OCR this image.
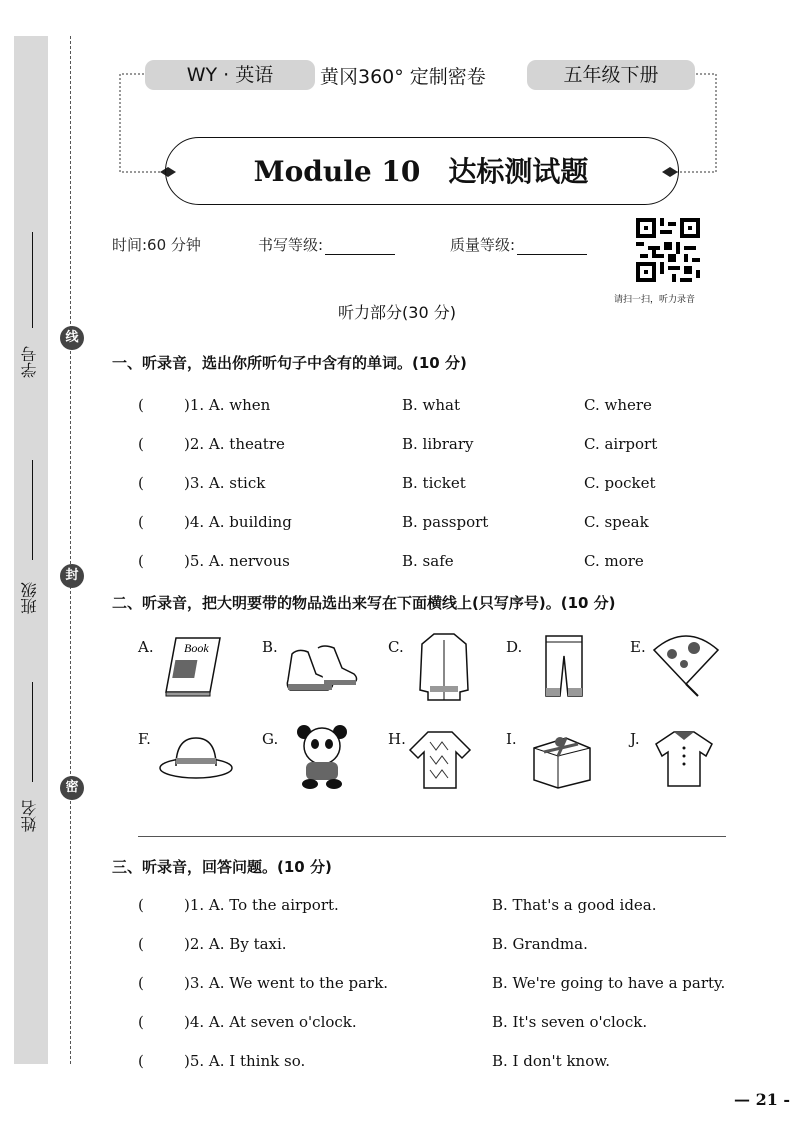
学号
班级
姓名
线
封
密
WY · 英语	黄冈360° 定制密卷	五年级下册
Module 10　达标测试题
时间:60 分钟	书写等级:	质量等级:
请扫一扫，听力录音
听力部分(30 分)
一、听录音，选出你所听句子中含有的单词。(10 分)
(	)1. A. when	B. what	C. where
(	)2. A. theatre	B. library	C. airport
(	)3. A. stick	B. ticket	C. pocket
(	)4. A. building	B. passport	C. speak
(	)5. A. nervous	B. safe	C. more
二、听录音，把大明要带的物品选出来写在下面横线上(只写序号)。(10 分)
Book
A.	B.	C.	D.	E.
F.	G.	H.	I.	J.
三、听录音，回答问题。(10 分)
(	)1. A. To the airport.	B. That's a good idea.
(	)2. A. By taxi.	B. Grandma.
(	)3. A. We went to the park.	B. We're going to have a party.
(	)4. A. At seven o'clock.	B. It's seven o'clock.
(	)5. A. I think so.	B. I don't know.
— 21 -
